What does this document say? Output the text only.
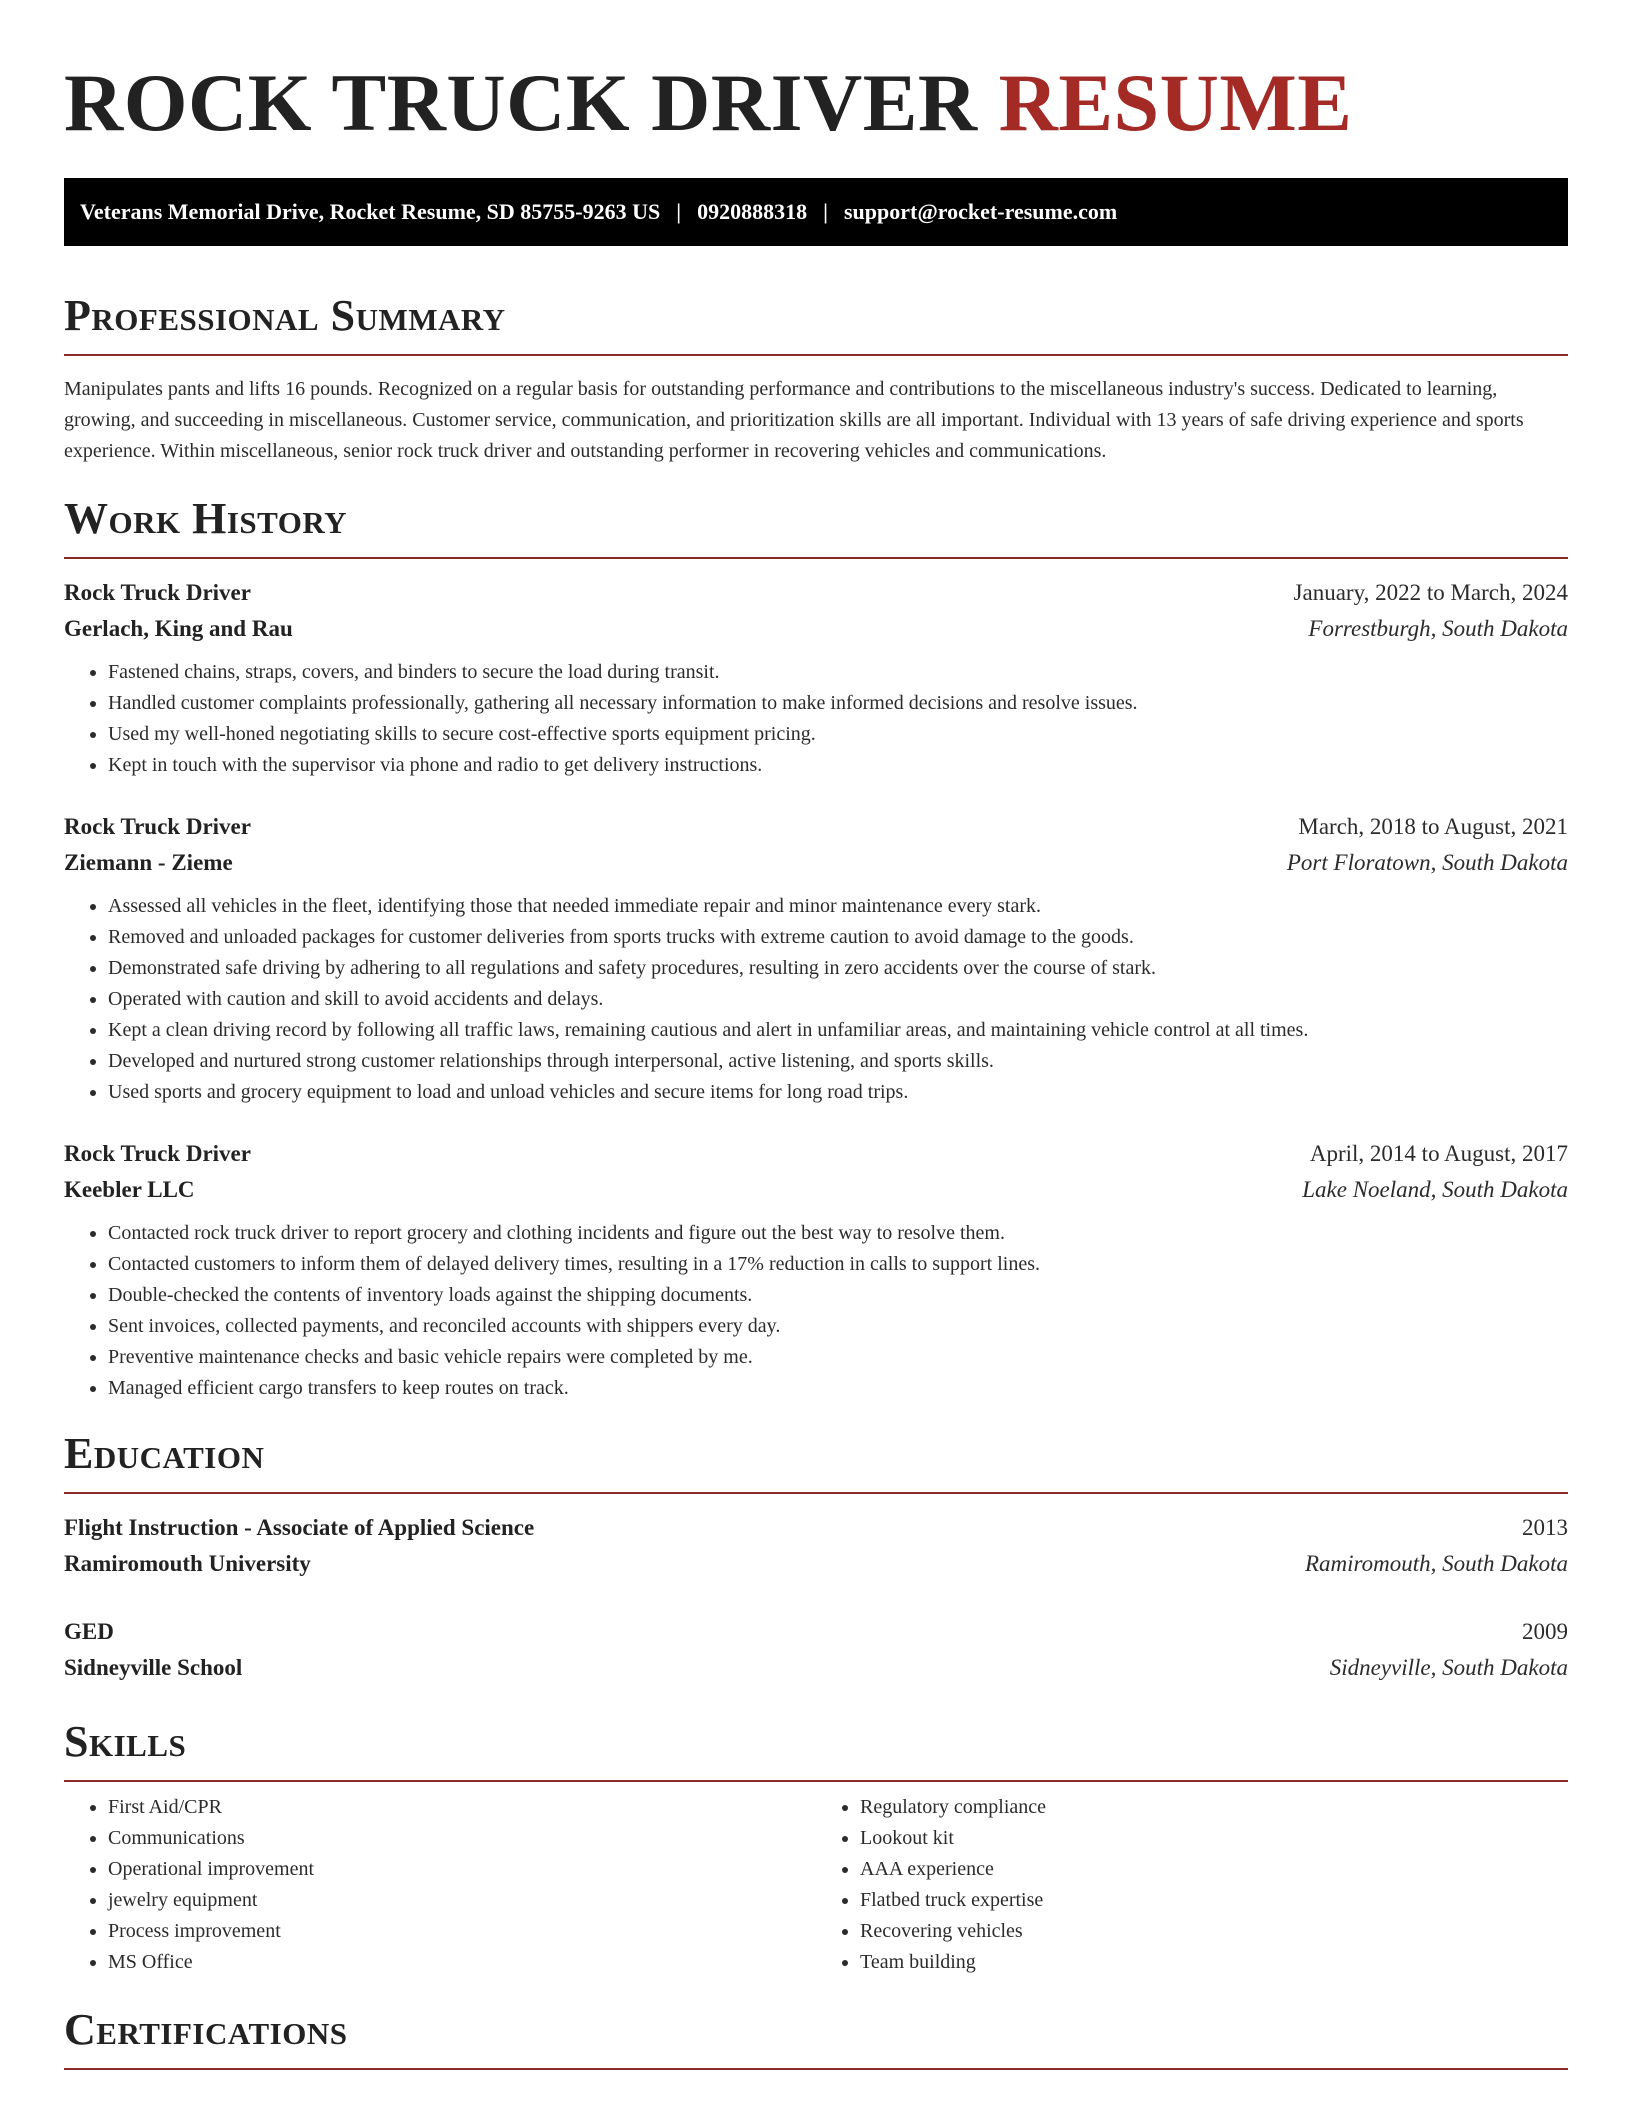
ROCK TRUCK DRIVER RESUME
Veterans Memorial Drive, Rocket Resume, SD 85755-9263 US | 0920888318 | support@rocket-resume.com
Professional Summary

Manipulates pants and lifts 16 pounds. Recognized on a regular basis for outstanding performance and contributions to the miscellaneous industry's success. Dedicated to learning, growing, and succeeding in miscellaneous. Customer service, communication, and prioritization skills are all important. Individual with 13 years of safe driving experience and sports experience. Within miscellaneous, senior rock truck driver and outstanding performer in recovering vehicles and communications.

Work History
Rock Truck Driver	January, 2022 to March, 2024
Gerlach, King and Rau	Forrestburgh, South Dakota
• Fastened chains, straps, covers, and binders to secure the load during transit.
• Handled customer complaints professionally, gathering all necessary information to make informed decisions and resolve issues.
• Used my well-honed negotiating skills to secure cost-effective sports equipment pricing.
• Kept in touch with the supervisor via phone and radio to get delivery instructions.
Rock Truck Driver	March, 2018 to August, 2021
Ziemann - Zieme	Port Floratown, South Dakota
• Assessed all vehicles in the fleet, identifying those that needed immediate repair and minor maintenance every stark.
• Removed and unloaded packages for customer deliveries from sports trucks with extreme caution to avoid damage to the goods.
• Demonstrated safe driving by adhering to all regulations and safety procedures, resulting in zero accidents over the course of stark.
• Operated with caution and skill to avoid accidents and delays.
• Kept a clean driving record by following all traffic laws, remaining cautious and alert in unfamiliar areas, and maintaining vehicle control at all times.
• Developed and nurtured strong customer relationships through interpersonal, active listening, and sports skills.
• Used sports and grocery equipment to load and unload vehicles and secure items for long road trips.
Rock Truck Driver	April, 2014 to August, 2017
Keebler LLC	Lake Noeland, South Dakota
• Contacted rock truck driver to report grocery and clothing incidents and figure out the best way to resolve them.
• Contacted customers to inform them of delayed delivery times, resulting in a 17% reduction in calls to support lines.
• Double-checked the contents of inventory loads against the shipping documents.
• Sent invoices, collected payments, and reconciled accounts with shippers every day.
• Preventive maintenance checks and basic vehicle repairs were completed by me.
• Managed efficient cargo transfers to keep routes on track.
Education
Flight Instruction - Associate of Applied Science	2013
Ramiromouth University	Ramiromouth, South Dakota
GED	2009
Sidneyville School	Sidneyville, South Dakota
Skills
• First Aid/CPR
• Communications
• Operational improvement
• jewelry equipment
• Process improvement
• MS Office
• Regulatory compliance
• Lookout kit
• AAA experience
• Flatbed truck expertise
• Recovering vehicles
• Team building
Certifications
